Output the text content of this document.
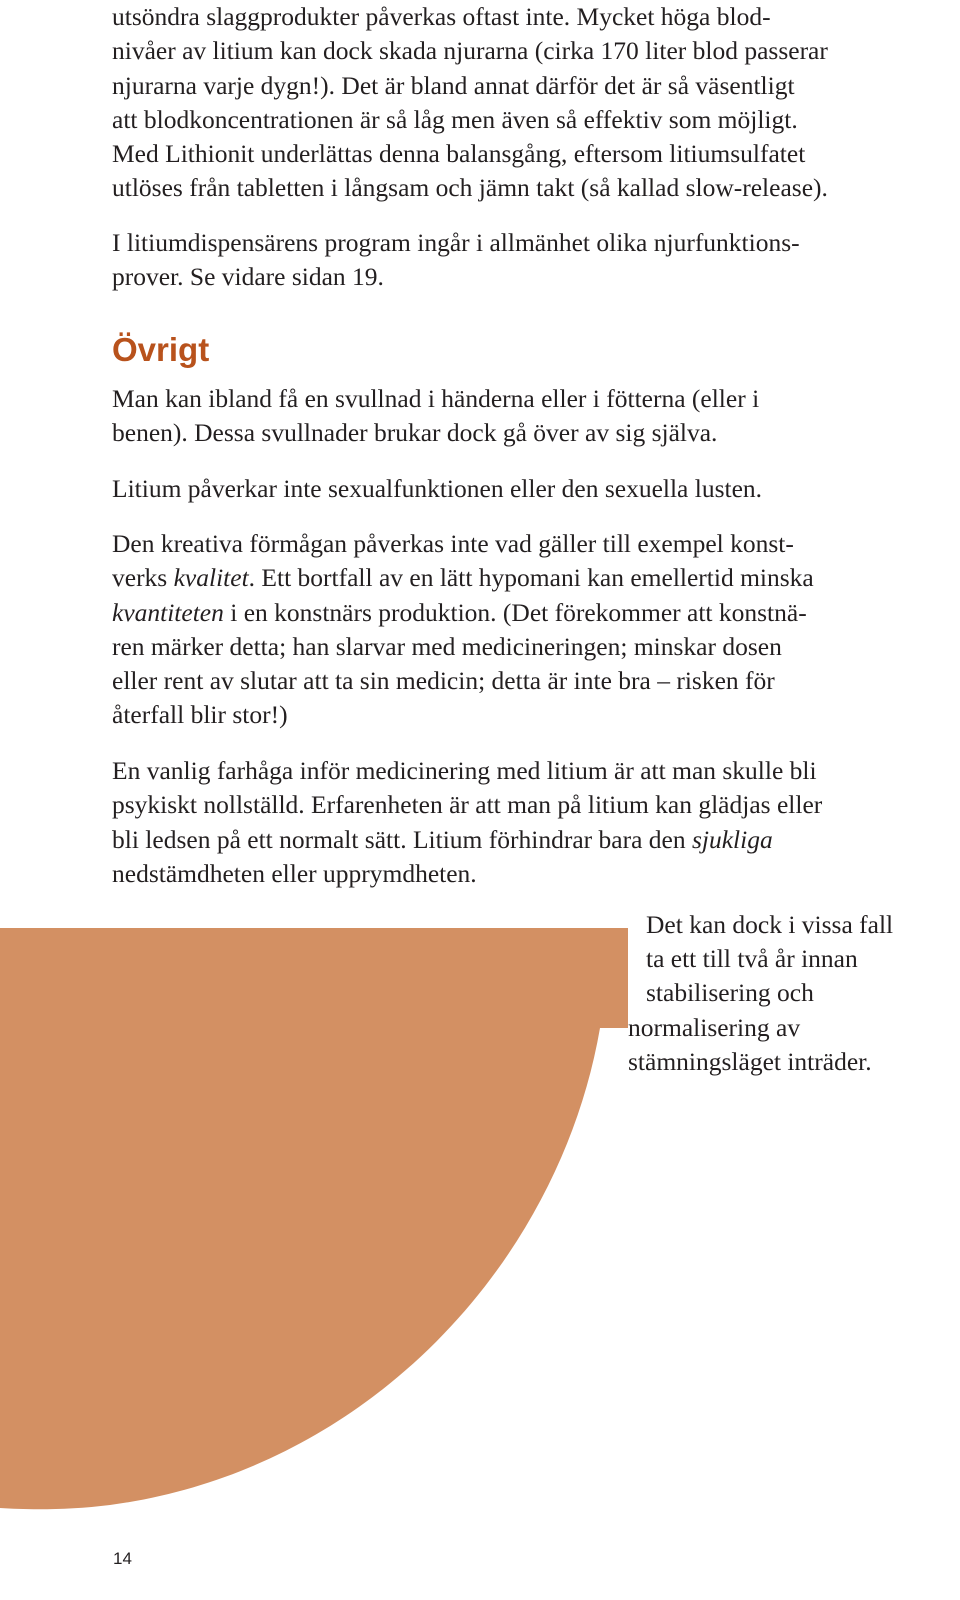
utsöndra slaggprodukter påverkas oftast inte. Mycket höga blod-
nivåer av litium kan dock skada njurarna (cirka 170 liter blod passerar
njurarna varje dygn!). Det är bland annat därför det är så väsentligt
att blodkoncentrationen är så låg men även så effektiv som möjligt.
Med Lithionit underlättas denna balansgång, eftersom litiumsulfatet
utlöses från tabletten i långsam och jämn takt (så kallad slow-release).

I litiumdispensärens program ingår i allmänhet olika njurfunktions-
prover. Se vidare sidan 19.

Övrigt

Man kan ibland få en svullnad i händerna eller i fötterna (eller i
benen). Dessa svullnader brukar dock gå över av sig själva.

Litium påverkar inte sexualfunktionen eller den sexuella lusten.

Den kreativa förmågan påverkas inte vad gäller till exempel konst-
verks kvalitet. Ett bortfall av en lätt hypomani kan emellertid minska
kvantiteten i en konstnärs produktion. (Det förekommer att konstnä-
ren märker detta; han slarvar med medicineringen; minskar dosen
eller rent av slutar att ta sin medicin; detta är inte bra – risken för
återfall blir stor!)

En vanlig farhåga inför medicinering med litium är att man skulle bli
psykiskt nollställd. Erfarenheten är att man på litium kan glädjas eller
bli ledsen på ett normalt sätt. Litium förhindrar bara den sjukliga
nedstämdheten eller upprymdheten.

Det kan dock i vissa fall
ta ett till två år innan
stabilisering och
normalisering av
stämningsläget inträder.

14
